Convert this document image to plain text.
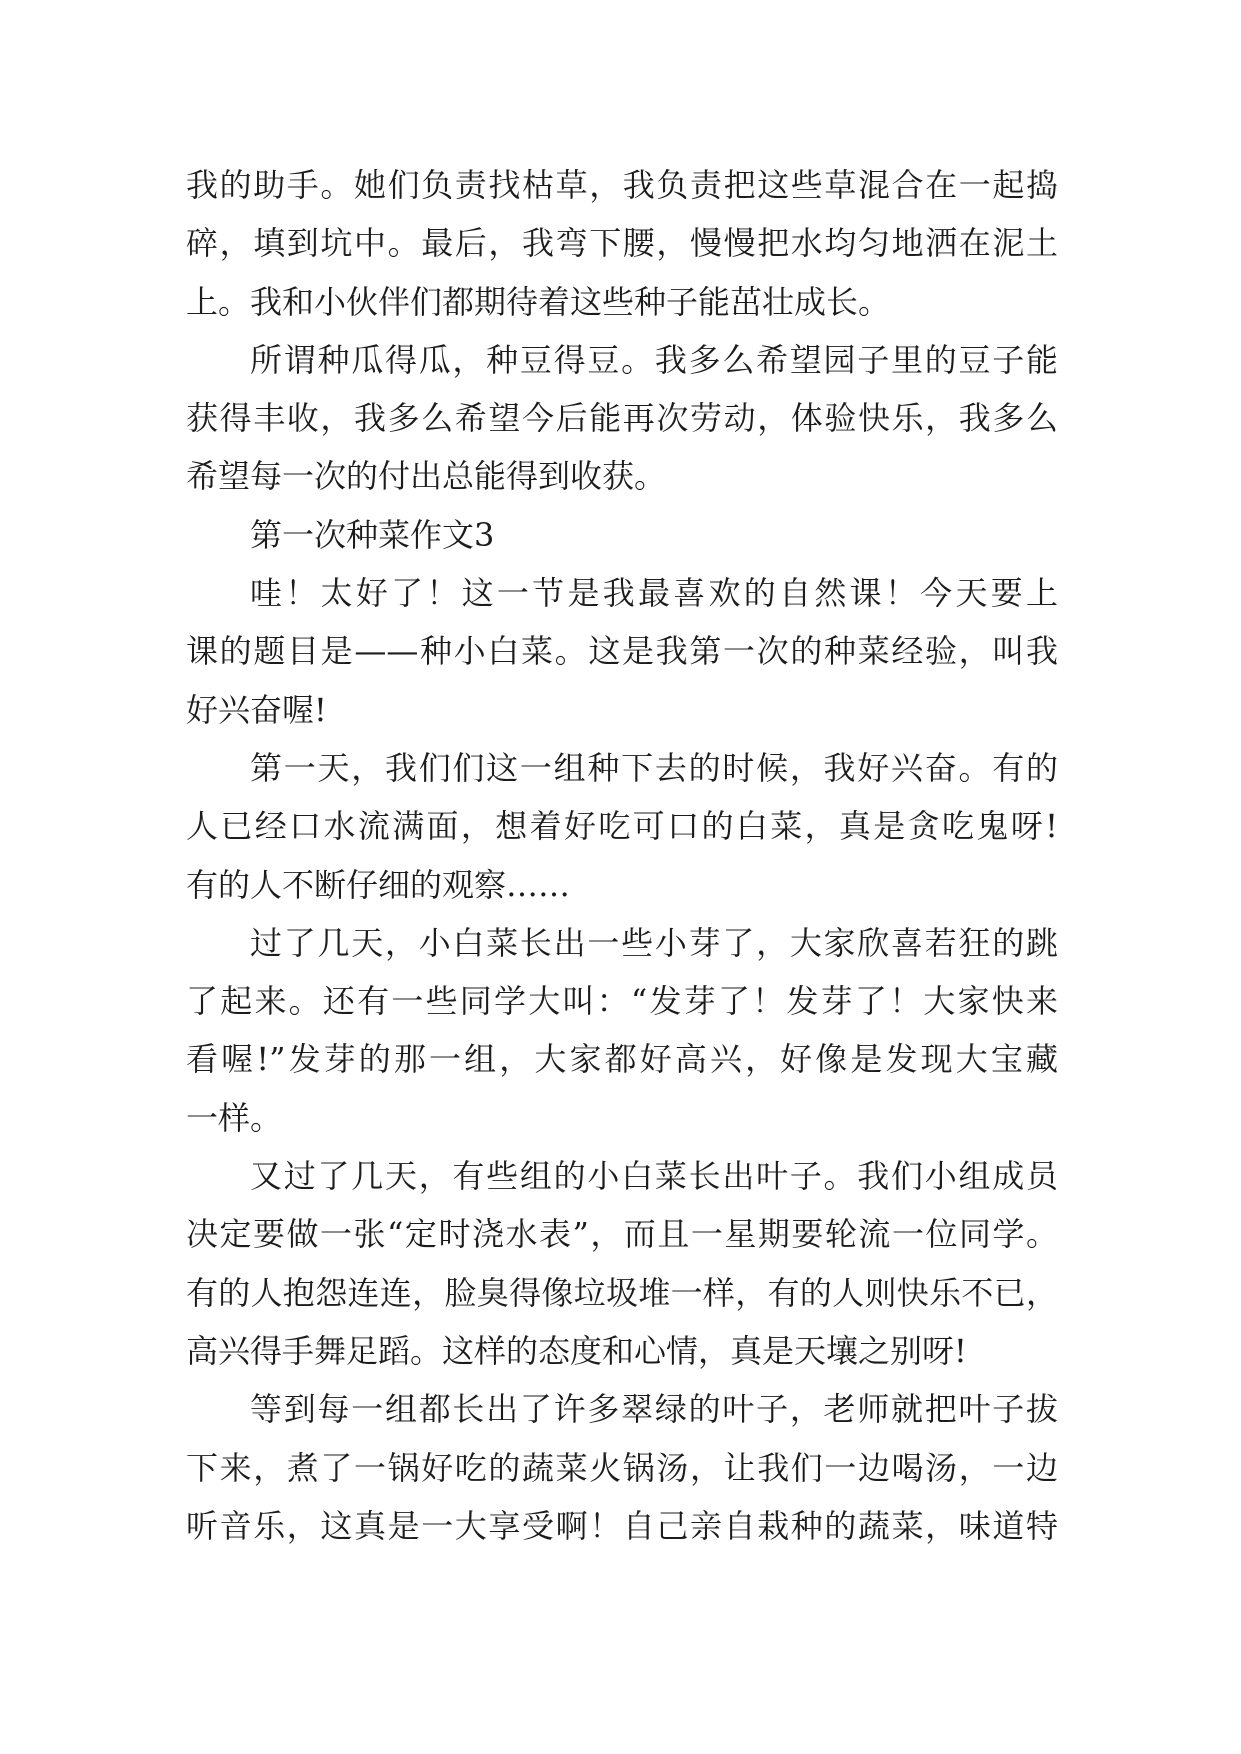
我的助手。她们负责找枯草，我负责把这些草混合在一起捣
碎，填到坑中。最后，我弯下腰，慢慢把水均匀地洒在泥土
上。我和小伙伴们都期待着这些种子能茁壮成长。
所谓种瓜得瓜，种豆得豆。我多么希望园子里的豆子能
获得丰收，我多么希望今后能再次劳动，体验快乐，我多么
希望每一次的付出总能得到收获。
第一次种菜作文3
哇！太好了！这一节是我最喜欢的自然课！今天要上
课的题目是——种小白菜。这是我第一次的种菜经验，叫我
好兴奋喔!
第一天，我们们这一组种下去的时候，我好兴奋。有的
人已经口水流满面，想着好吃可口的白菜，真是贪吃鬼呀!
有的人不断仔细的观察……
过了几天，小白菜长出一些小芽了，大家欣喜若狂的跳
了起来。还有一些同学大叫：“发芽了！发芽了！大家快来
看喔!”发芽的那一组，大家都好高兴，好像是发现大宝藏
一样。
又过了几天，有些组的小白菜长出叶子。我们小组成员
决定要做一张“定时浇水表”，而且一星期要轮流一位同学。
有的人抱怨连连，脸臭得像垃圾堆一样，有的人则快乐不已，
高兴得手舞足蹈。这样的态度和心情，真是天壤之别呀!
等到每一组都长出了许多翠绿的叶子，老师就把叶子拔
下来，煮了一锅好吃的蔬菜火锅汤，让我们一边喝汤，一边
听音乐，这真是一大享受啊！自己亲自栽种的蔬菜，味道特
